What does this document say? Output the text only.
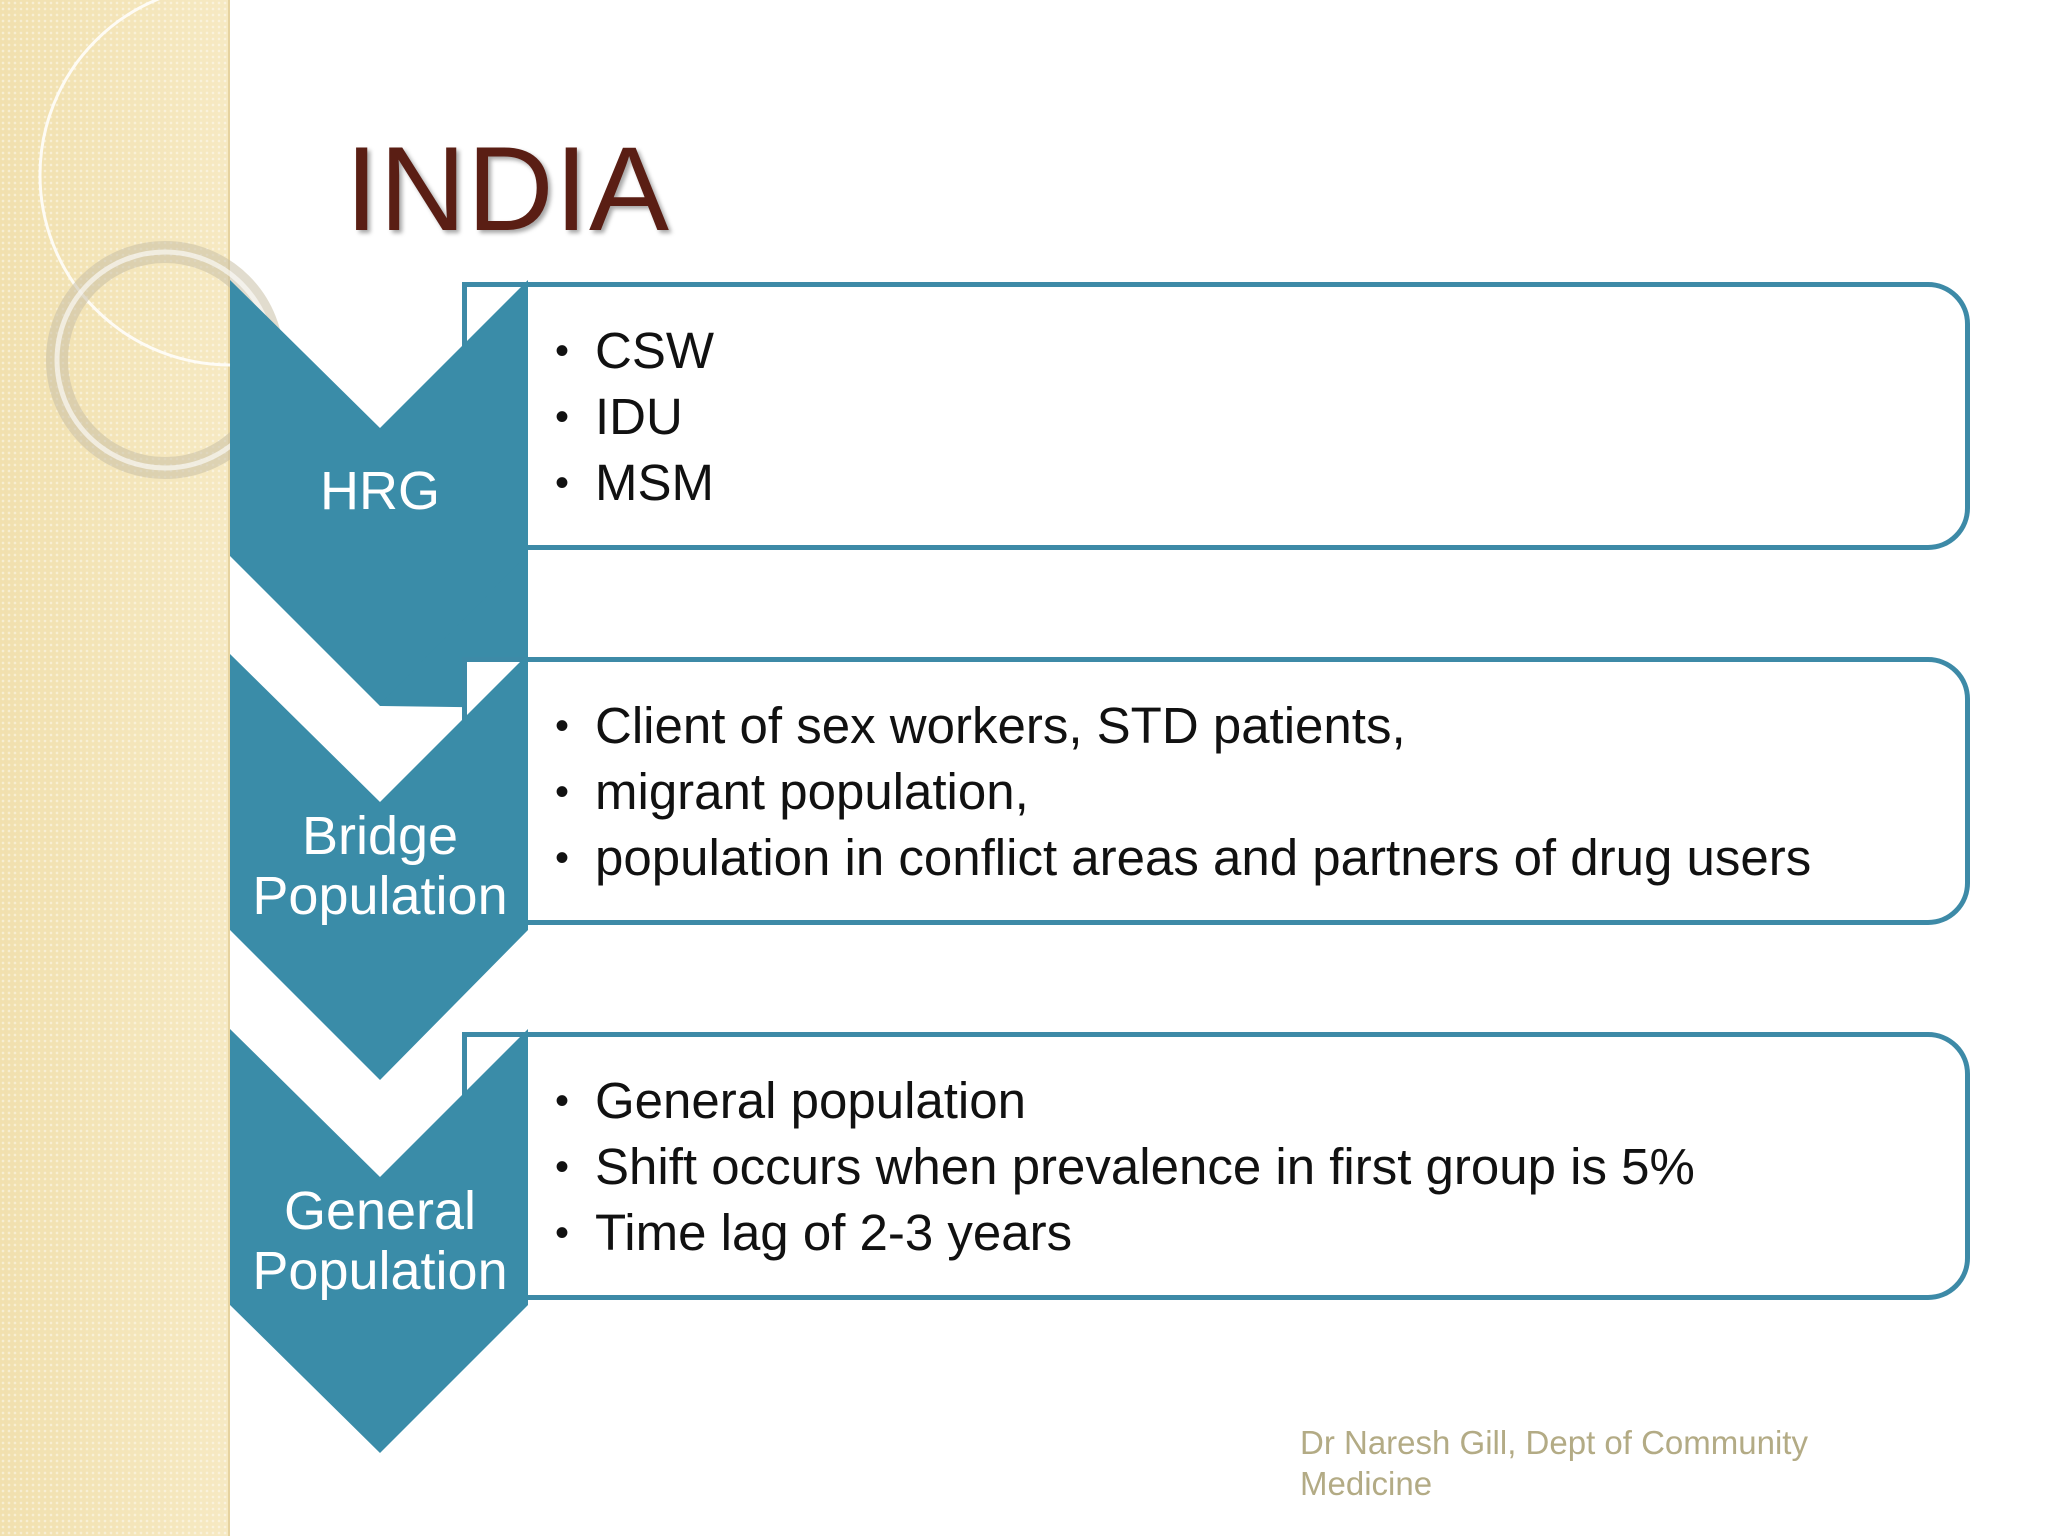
INDIA
HRG
• CSW
• IDU
• MSM
Bridge Population
• Client of sex workers, STD patients,
• migrant population,
• population in conflict areas and partners of drug users
General Population
• General population
• Shift occurs when prevalence in first group is 5%
• Time lag of 2-3 years
Dr Naresh Gill, Dept of Community Medicine
